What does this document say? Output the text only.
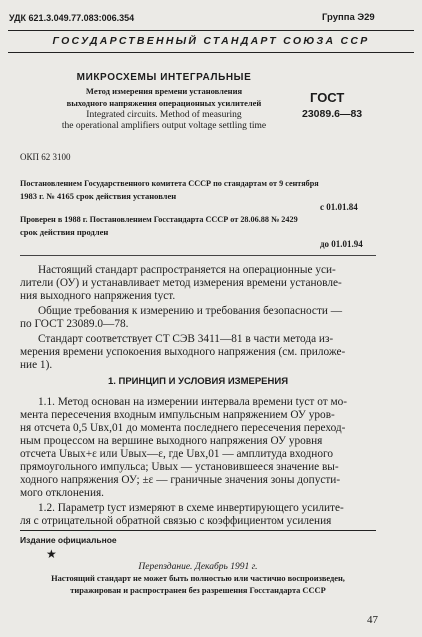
УДК 621.3.049.77.083:006.354	Группа Э29
ГОСУДАРСТВЕННЫЙ СТАНДАРТ СОЮЗА ССР
МИКРОСХЕМЫ ИНТЕГРАЛЬНЫЕ
Метод измерения времени установления
выходного напряжения операционных усилителей
Integrated circuits. Method of measuring
the operational amplifiers output voltage settling time
ГОСТ
23089.6—83
ОКП 62 3100
Постановлением Государственного комитета СССР по стандартам от 9 сентября
1983 г. № 4165 срок действия установлен
с 01.01.84
Проверен в 1988 г. Постановлением Госстандарта СССР от 28.06.88 № 2429
срок действия продлен
до 01.01.94
Настоящий стандарт распространяется на операционные уси-
лители (ОУ) и устанавливает метод измерения времени установле-
ния выходного напряжения tуст.
Общие требования к измерению и требования безопасности —
по ГОСТ 23089.0—78.
Стандарт соответствует СТ СЭВ 3411—81 в части метода из-
мерения времени успокоения выходного напряжения (см. приложе-
ние 1).
1. ПРИНЦИП И УСЛОВИЯ ИЗМЕРЕНИЯ
1.1. Метод основан на измерении интервала времени tуст от мо-
мента пересечения входным импульсным напряжением ОУ уров-
ня отсчета 0,5 Uвх,01 до момента последнего пересечения переход-
ным процессом на вершине выходного напряжения ОУ уровня
отсчета Uвых+ε или Uвых—ε, где Uвх,01 — амплитуда входного
прямоугольного импульса; Uвых — установившееся значение вы-
ходного напряжения ОУ; ±ε — граничные значения зоны допусти-
мого отклонения.
1.2. Параметр tуст измеряют в схеме инвертирующего усилите-
ля с отрицательной обратной связью с коэффициентом усиления
Издание официальное
★
Перепздание. Декабрь 1991 г.
Настоящий стандарт не может быть полностью или частично воспроизведен,
тиражирован и распространен без разрешения Госстандарта СССР
47
